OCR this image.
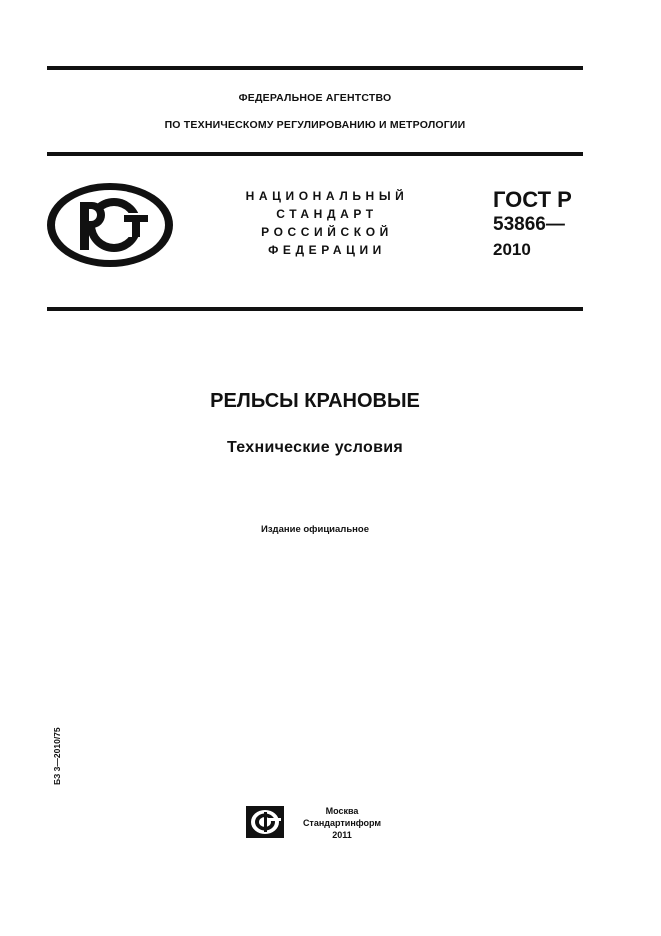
ФЕДЕРАЛЬНОЕ АГЕНТСТВО
ПО ТЕХНИЧЕСКОМУ РЕГУЛИРОВАНИЮ И МЕТРОЛОГИИ
НАЦИОНАЛЬНЫЙ
СТАНДАРТ
РОССИЙСКОЙ
ФЕДЕРАЦИИ
ГОСТ Р
53866—
2010
РЕЛЬСЫ КРАНОВЫЕ
Технические условия
Издание официальное
БЗ 3—2010/75
Москва
Стандартинформ
2011
